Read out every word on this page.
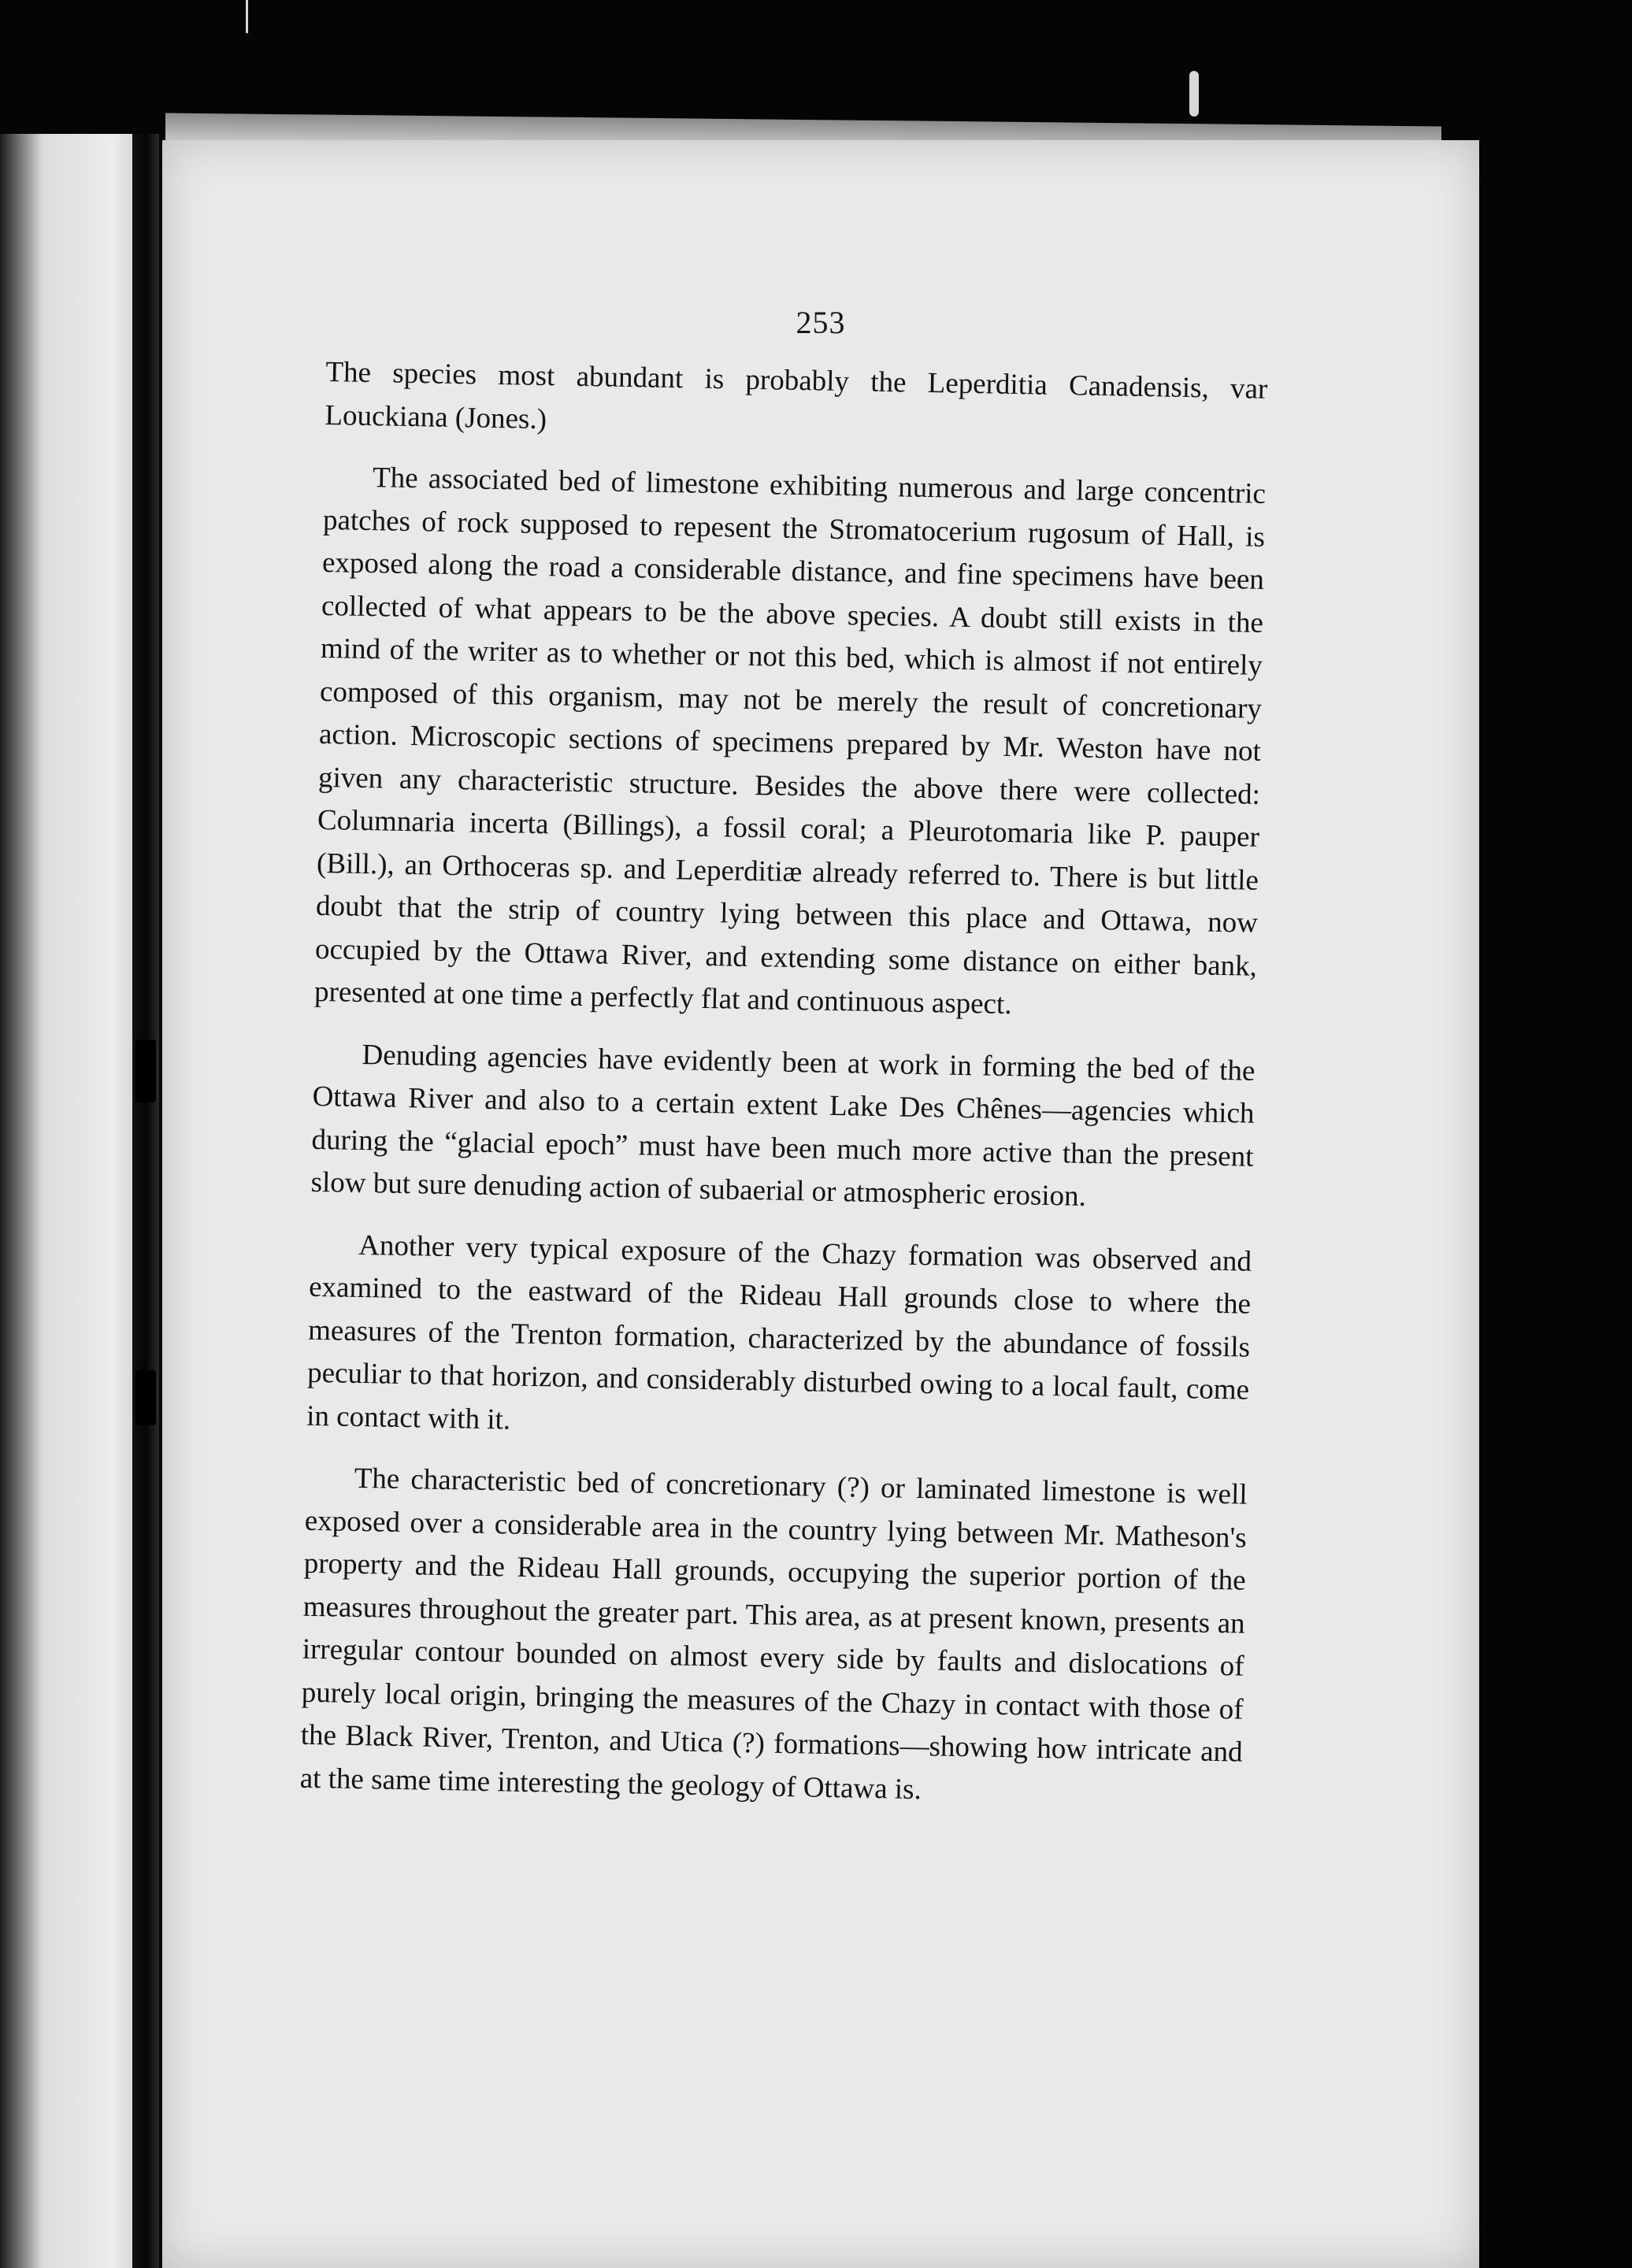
253

The species most abundant is probably the Leperditia Canadensis, var Louckiana (Jones.)

The associated bed of limestone exhibiting numerous and large concentric patches of rock supposed to repesent the Stromatocerium rugosum of Hall, is exposed along the road a considerable distance, and fine specimens have been collected of what appears to be the above species. A doubt still exists in the mind of the writer as to whether or not this bed, which is almost if not entirely composed of this organism, may not be merely the result of concretionary action. Microscopic sections of specimens prepared by Mr. Weston have not given any characteristic structure. Besides the above there were collected: Columnaria incerta (Billings), a fossil coral; a Pleurotomaria like P. pauper (Bill.), an Orthoceras sp. and Leperditiæ already referred to. There is but little doubt that the strip of country lying between this place and Ottawa, now occupied by the Ottawa River, and extending some distance on either bank, presented at one time a perfectly flat and continuous aspect.

Denuding agencies have evidently been at work in forming the bed of the Ottawa River and also to a certain extent Lake Des Chênes—agencies which during the “glacial epoch” must have been much more active than the present slow but sure denuding action of subaerial or atmospheric erosion.

Another very typical exposure of the Chazy formation was observed and examined to the eastward of the Rideau Hall grounds close to where the measures of the Trenton formation, characterized by the abundance of fossils peculiar to that horizon, and considerably disturbed owing to a local fault, come in contact with it.

The characteristic bed of concretionary (?) or laminated limestone is well exposed over a considerable area in the country lying between Mr. Matheson's property and the Rideau Hall grounds, occupying the superior portion of the measures throughout the greater part. This area, as at present known, presents an irregular contour bounded on almost every side by faults and dislocations of purely local origin, bringing the measures of the Chazy in contact with those of the Black River, Trenton, and Utica (?) formations—showing how intricate and at the same time interesting the geology of Ottawa is.
